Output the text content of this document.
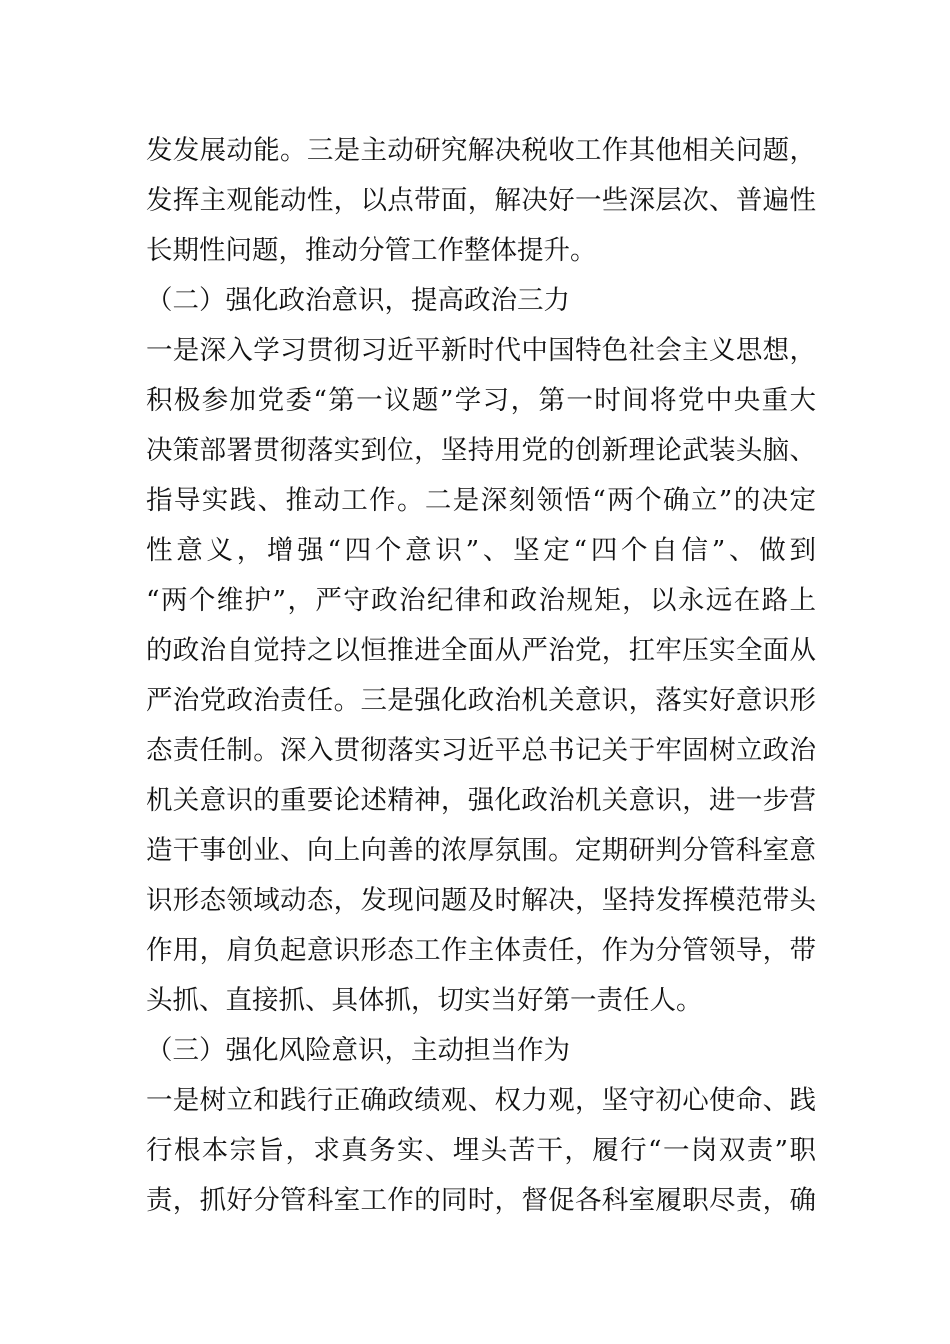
发发展动能。三是主动研究解决税收工作其他相关问题，
发挥主观能动性，以点带面，解决好一些深层次、普遍性
长期性问题，推动分管工作整体提升。
（二）强化政治意识，提高政治三力
一是深入学习贯彻习近平新时代中国特色社会主义思想，
积极参加党委“第一议题”学习，第一时间将党中央重大
决策部署贯彻落实到位，坚持用党的创新理论武装头脑、
指导实践、推动工作。二是深刻领悟“两个确立”的决定
性意义，增强“四个意识”、坚定“四个自信”、做到
“两个维护”，严守政治纪律和政治规矩，以永远在路上
的政治自觉持之以恒推进全面从严治党，扛牢压实全面从
严治党政治责任。三是强化政治机关意识，落实好意识形
态责任制。深入贯彻落实习近平总书记关于牢固树立政治
机关意识的重要论述精神，强化政治机关意识，进一步营
造干事创业、向上向善的浓厚氛围。定期研判分管科室意
识形态领域动态，发现问题及时解决，坚持发挥模范带头
作用，肩负起意识形态工作主体责任，作为分管领导，带
头抓、直接抓、具体抓，切实当好第一责任人。
（三）强化风险意识，主动担当作为
一是树立和践行正确政绩观、权力观，坚守初心使命、践
行根本宗旨，求真务实、埋头苦干，履行“一岗双责”职
责，抓好分管科室工作的同时，督促各科室履职尽责，确
